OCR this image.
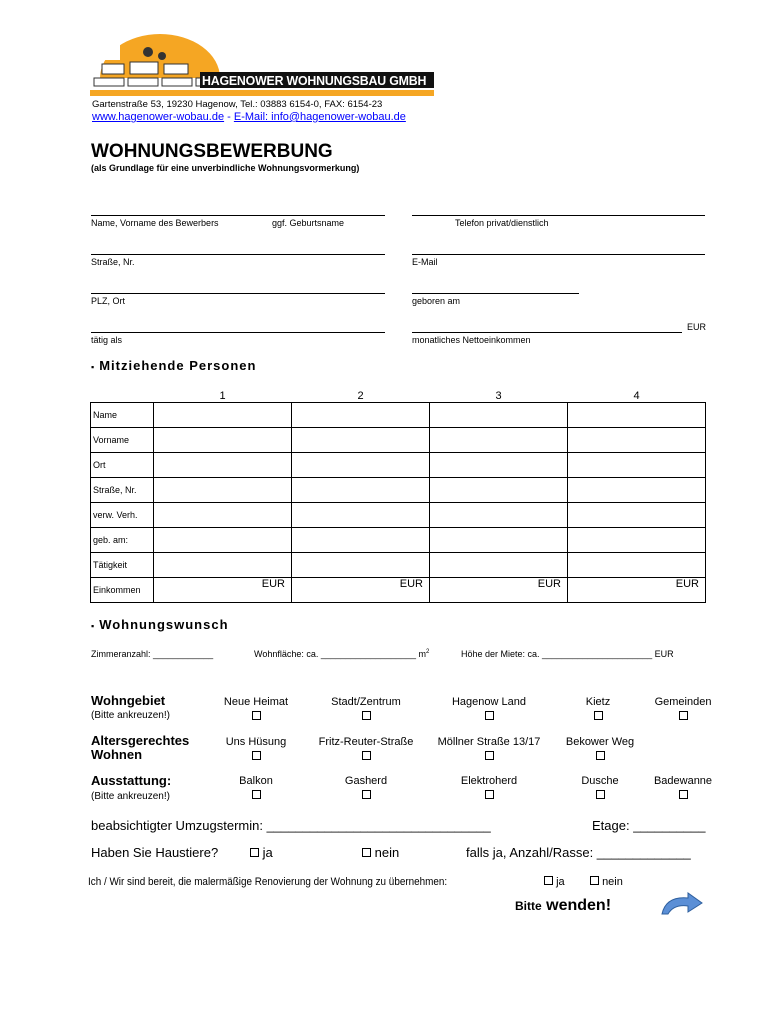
HAGENOWER WOHNUNGSBAU GMBH
Gartenstraße 53, 19230 Hagenow, Tel.: 03883 6154-0, FAX: 6154-23
www.hagenower-wobau.de - E-Mail: info@hagenower-wobau.de
WOHNUNGSBEWERBUNG
(als Grundlage für eine unverbindliche Wohnungsvormerkung)
Name, Vorname des Bewerbers	ggf. Geburtsname	Telefon privat/dienstlich
Straße, Nr.	E-Mail
PLZ, Ort	geboren am
EUR
tätig als	monatliches Nettoeinkommen
▪ Mitziehende Personen
	1	2	3	4
Name				
Vorname				
Ort				
Straße, Nr.				
verw. Verh.				
geb. am:				
Tätigkeit				
Einkommen	EUR	EUR	EUR	EUR
▪ Wohnungswunsch
Zimmeranzahl: ____________	Wohnfläche: ca. ___________________ $m^2$	Höhe der Miete: ca. ______________________ EUR
Wohngebiet
(Bitte ankreuzen!)
Neue Heimat	Stadt/Zentrum	Hagenow Land	Kietz	Gemeinden
Altersgerechtes
Wohnen
Uns Hüsung	Fritz-Reuter-Straße	Möllner Straße 13/17	Bekower Weg
Ausstattung:
(Bitte ankreuzen!)
Balkon	Gasherd	Elektroherd	Dusche	Badewanne
beabsichtigter Umzugstermin: _______________________________	Etage: __________
Haben Sie Haustiere?	ja	nein	falls ja, Anzahl/Rasse: _____________
Ich / Wir sind bereit, die malermäßige Renovierung der Wohnung zu übernehmen:	ja	nein
Bitte wenden!
